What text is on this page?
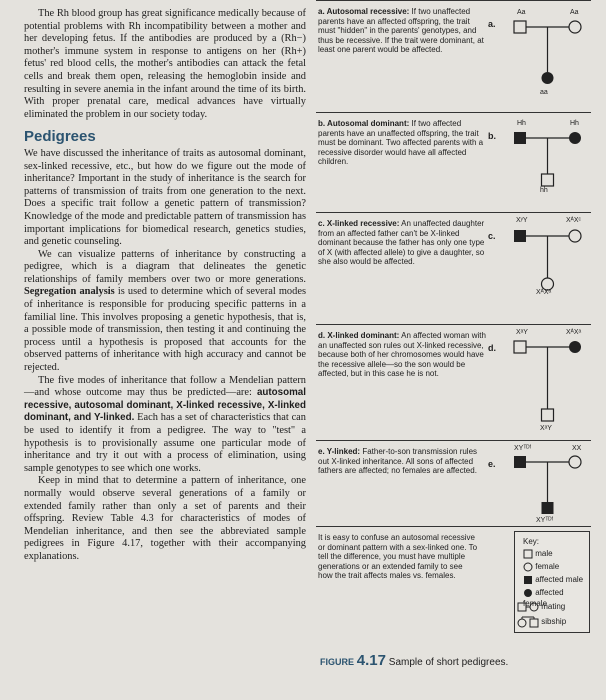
The Rh blood group has great significance medically because of potential problems with Rh incompatibility between a mother and her developing fetus. If the antibodies are produced by a (Rh−) mother's immune system in response to antigens on her (Rh+) fetus' red blood cells, the mother's antibodies can attack the fetal cells and break them open, releasing the hemoglobin inside and resulting in severe anemia in the infant around the time of its birth. With proper prenatal care, medical advances have virtually eliminated the problem in our society today.

Pedigrees

We have discussed the inheritance of traits as autosomal dominant, sex-linked recessive, etc., but how do we figure out the mode of inheritance? Important in the study of inheritance is the search for patterns of transmission of traits from one generation to the next. Does a specific trait follow a genetic pattern of transmission? Knowledge of the mode and predictable pattern of transmission has important implications for biomedical research, genetics studies, and genetic counseling.

We can visualize patterns of inheritance by constructing a pedigree, which is a diagram that delineates the genetic relationships of family members over two or more generations. Segregation analysis is used to determine which of several modes of inheritance is responsible for producing specific patterns in a familial line. This involves proposing a genetic hypothesis, that is, a possible mode of transmission, then testing it and continuing the process until a hypothesis is proposed that accounts for the observed patterns of inheritance with high accuracy and cannot be rejected.

The five modes of inheritance that follow a Mendelian pattern—and whose outcome may thus be predicted—are: autosomal recessive, autosomal dominant, X-linked recessive, X-linked dominant, and Y-linked. Each has a set of characteristics that can be used to identify it from a pedigree. The way to "test" a hypothesis is to provisionally assume one particular mode of inheritance and try it out with a process of elimination, using sample genotypes to see which one works.

Keep in mind that to determine a pattern of inheritance, one normally would observe several generations of a family or extended family rather than only a set of parents and their offspring. Review Table 4.3 for characteristics of modes of Mendelian inheritance, and then see the abbreviated sample pedigrees in Figure 4.17, together with their accompanying explanations.

a. Autosomal recessive: If two unaffected parents have an affected offspring, the trait must "hidden" in the parents' genotypes, and thus be recessive. If the trait were dominant, at least one parent would be affected.
a.
Aa	Aa
aa
b. Autosomal dominant: If two affected parents have an unaffected offspring, the trait must be dominant. Two affected parents with a recessive disorder would have all affected children.
b.
Hh	Hh
hh
c. X-linked recessive: An unaffected daughter from an affected father can't be X-linked dominant because the father has only one type of X (with affected allele) to give a daughter, so she also would be affected.
c.
XʸY	XᴬXᶜ
XᴬXᵃ
d. X-linked dominant: An affected woman with an unaffected son rules out X-linked recessive, because both of her chromosomes would have the recessive allele—so the son would be affected, but in this case he is not.
d.
XᵃY	XᴬXᵃ
XᵃY
e. Y-linked: Father-to-son transmission rules out X-linked inheritance. All sons of affected fathers are affected; no females are affected.
e.
XYᵀᴰᶠ	XX
XYᵀᴰᶠ
It is easy to confuse an autosomal recessive or dominant pattern with a sex-linked one. To tell the difference, you must have multiple generations or an extended family to see how the trait affects males vs. females.
Key:
male
female
affected male
affected female
mating
sibship
FIGURE 4.17 Sample of short pedigrees.
